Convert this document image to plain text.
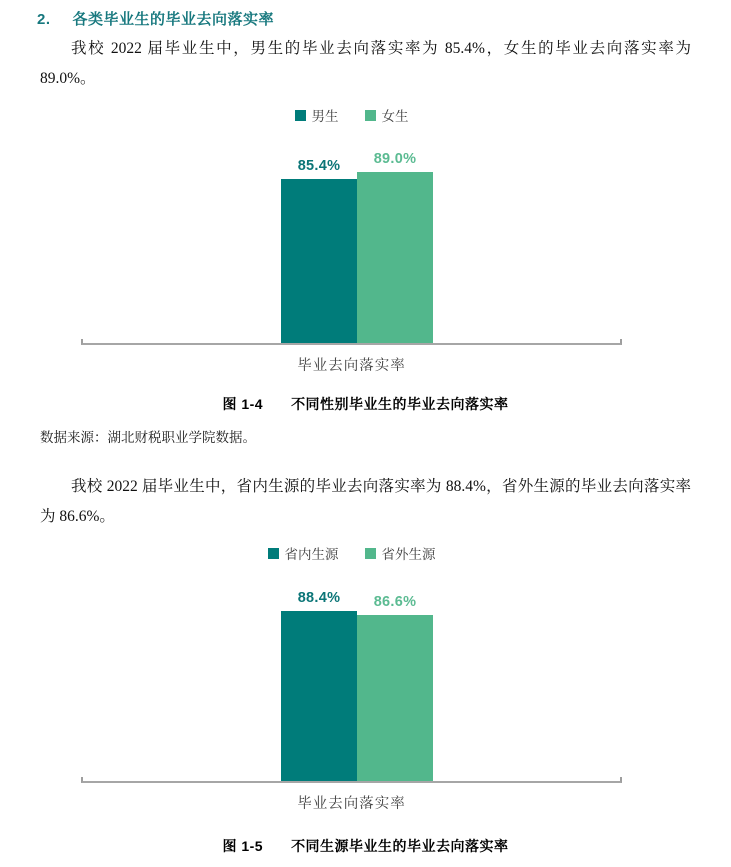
2. 各类毕业生的毕业去向落实率
我校 2022 届毕业生中，男生的毕业去向落实率为 85.4%，女生的毕业去向落实率为
89.0%。
男生	女生
85.4% 89.0%
毕业去向落实率
图 1-4 不同性别毕业生的毕业去向落实率
数据来源：湖北财税职业学院数据。
我校 2022 届毕业生中，省内生源的毕业去向落实率为 88.4%，省外生源的毕业去向落实率
为 86.6%。
省内生源	省外生源
88.4% 86.6%
毕业去向落实率
图 1-5 不同生源毕业生的毕业去向落实率
